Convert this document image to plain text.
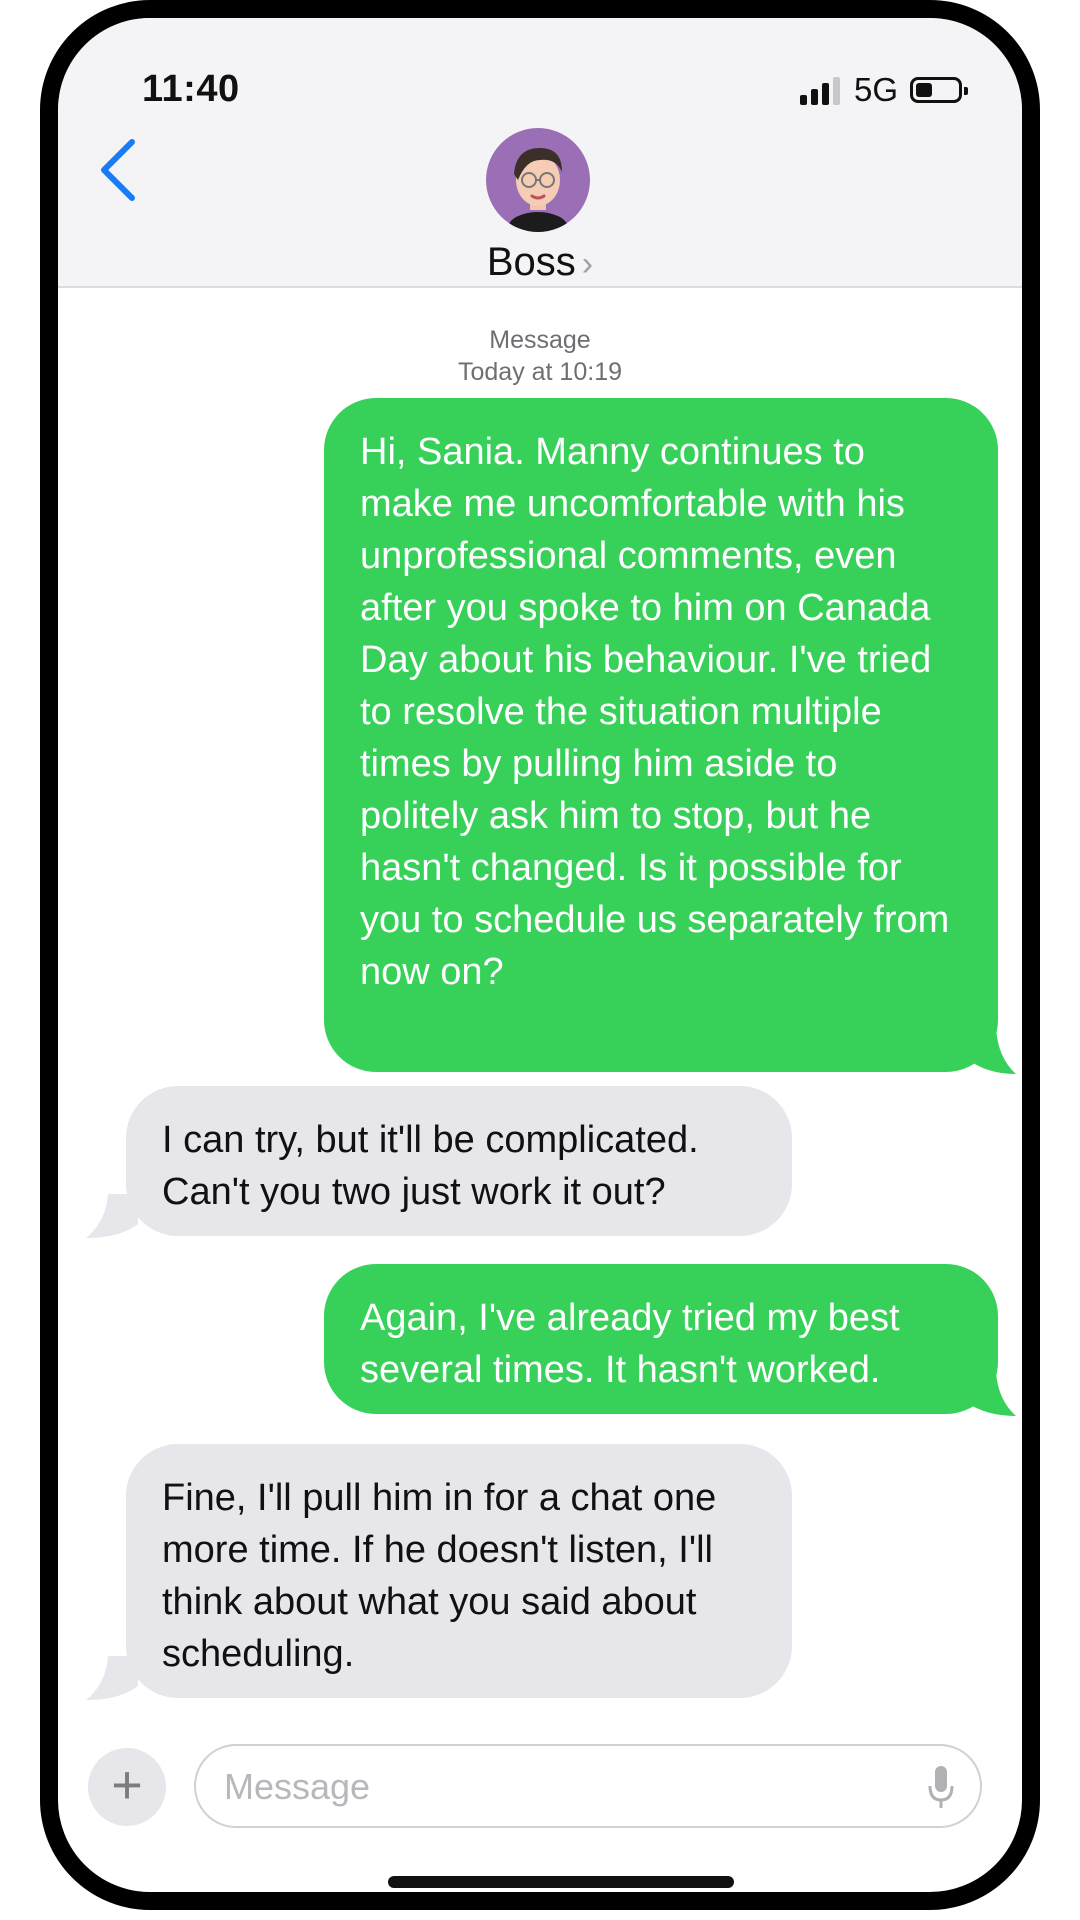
11:40	5G
Boss ›
Message
Today at 10:19
Hi, Sania. Manny continues to make me uncomfortable with his unprofessional comments, even after you spoke to him on Canada Day about his behaviour. I've tried to resolve the situation multiple times by pulling him aside to politely ask him to stop, but he hasn't changed. Is it possible for you to schedule us separately from now on?
I can try, but it'll be complicated. Can't you two just work it out?
Again, I've already tried my best several times. It hasn't worked.
Fine, I'll pull him in for a chat one more time. If he doesn't listen, I'll think about what you said about scheduling.
+	Message
